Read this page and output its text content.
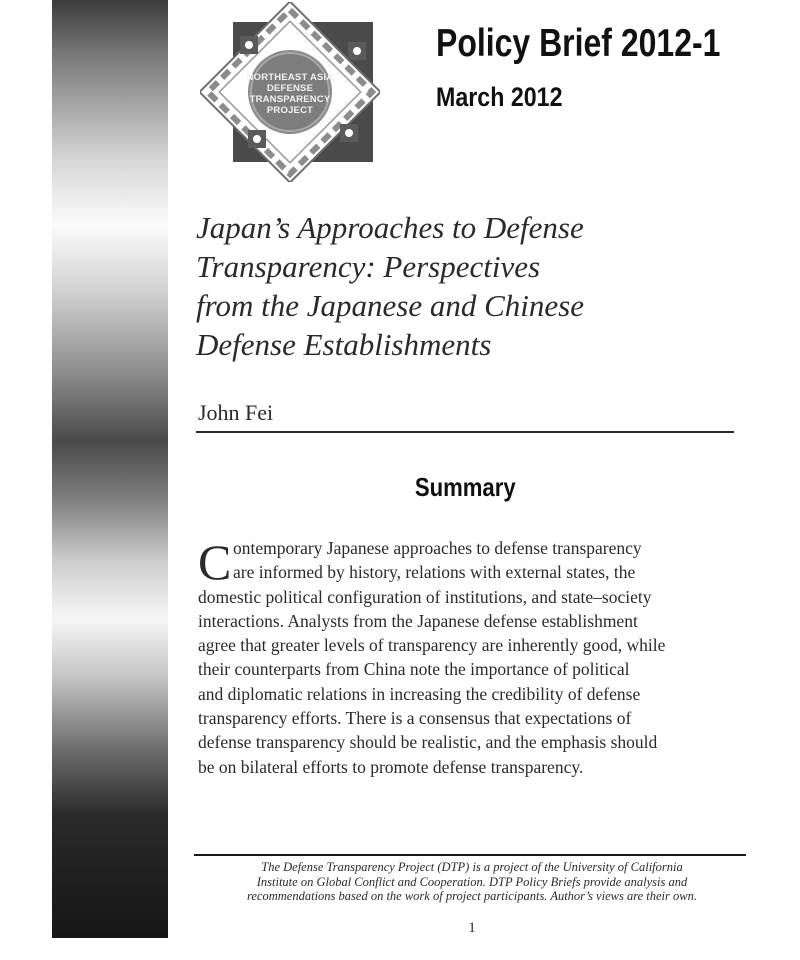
NORTHEAST ASIA
DEFENSE
TRANSPARENCY
PROJECT
Policy Brief 2012-1
March 2012
Japan’s Approaches to Defense
Transparency: Perspectives
from the Japanese and Chinese
Defense Establishments
John Fei
Summary
C ontemporary Japanese approaches to defense transparency
are informed by history, relations with external states, the
domestic political configuration of institutions, and state–society
interactions. Analysts from the Japanese defense establishment
agree that greater levels of transparency are inherently good, while
their counterparts from China note the importance of political
and diplomatic relations in increasing the credibility of defense
transparency efforts. There is a consensus that expectations of
defense transparency should be realistic, and the emphasis should
be on bilateral efforts to promote defense transparency.
The Defense Transparency Project (DTP) is a project of the University of California
Institute on Global Conflict and Cooperation. DTP Policy Briefs provide analysis and
recommendations based on the work of project participants. Author’s views are their own.
1
